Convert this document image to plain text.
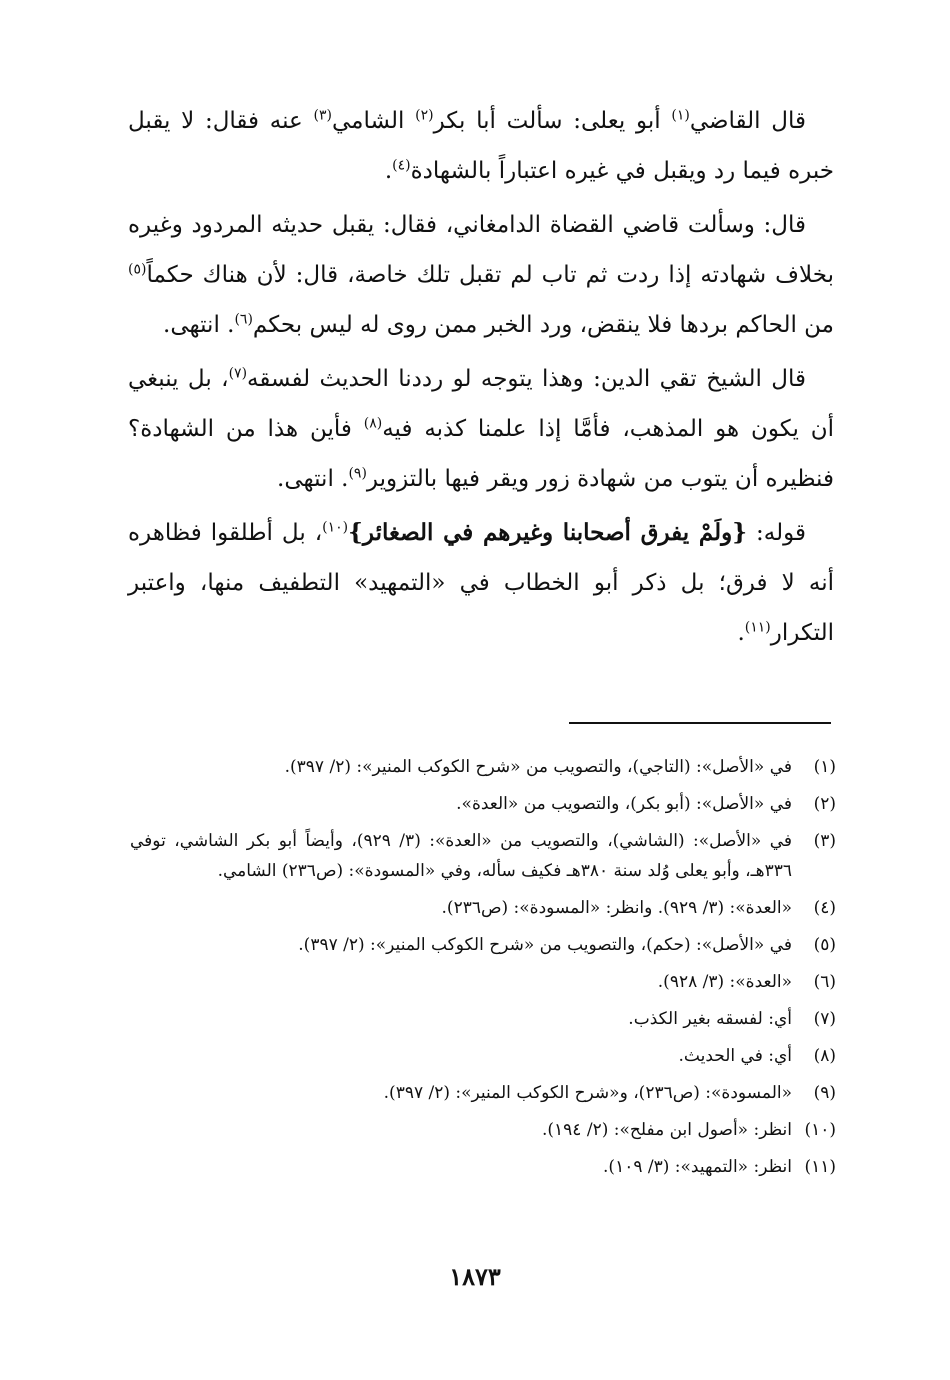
قال القاضي$^{(١)}$ أبو يعلى: سألت أبا بكر$^{(٢)}$ الشامي$^{(٣)}$ عنه فقال: لا يقبل خبره فيما رد ويقبل في غيره اعتباراً بالشهادة$^{(٤)}$.

قال: وسألت قاضي القضاة الدامغاني، فقال: يقبل حديثه المردود وغيره بخلاف شهادته إذا ردت ثم تاب لم تقبل تلك خاصة، قال: لأن هناك حكماً$^{(٥)}$ من الحاكم بردها فلا ينقض، ورد الخبر ممن روى له ليس بحكم$^{(٦)}$. انتهى.

قال الشيخ تقي الدين: وهذا يتوجه لو رددنا الحديث لفسقه$^{(٧)}$، بل ينبغي أن يكون هو المذهب، فأمَّا إذا علمنا كذبه فيه$^{(٨)}$ فأين هذا من الشهادة؟ فنظيره أن يتوب من شهادة زور ويقر فيها بالتزوير$^{(٩)}$. انتهى.

قوله: {ولَمْ يفرق أصحابنا وغيرهم في الصغائر}$^{(١٠)}$، بل أطلقوا فظاهره أنه لا فرق؛ بل ذكر أبو الخطاب في «التمهيد» التطفيف منها، واعتبر التكرار$^{(١١)}$.

(١)
في «الأصل»: (التاجي)، والتصويب من «شرح الكوكب المنير»: (٢/ ٣٩٧).
(٢)
في «الأصل»: (أبو بكر)، والتصويب من «العدة».
(٣)
في «الأصل»: (الشاشي)، والتصويب من «العدة»: (٣/ ٩٢٩)، وأيضاً أبو بكر الشاشي، توفي ٣٣٦هـ، وأبو يعلى وُلد سنة ٣٨٠هـ فكيف سأله، وفي «المسودة»: (ص٢٣٦) الشامي.
(٤)
«العدة»: (٣/ ٩٢٩). وانظر: «المسودة»: (ص٢٣٦).
(٥)
في «الأصل»: (حكم)، والتصويب من «شرح الكوكب المنير»: (٢/ ٣٩٧).
(٦)
«العدة»: (٣/ ٩٢٨).
(٧)
أي: لفسقه بغير الكذب.
(٨)
أي: في الحديث.
(٩)
«المسودة»: (ص٢٣٦)، و«شرح الكوكب المنير»: (٢/ ٣٩٧).
(١٠)
انظر: «أصول ابن مفلح»: (٢/ ١٩٤).
(١١)
انظر: «التمهيد»: (٣/ ١٠٩).
١٨٧٣
